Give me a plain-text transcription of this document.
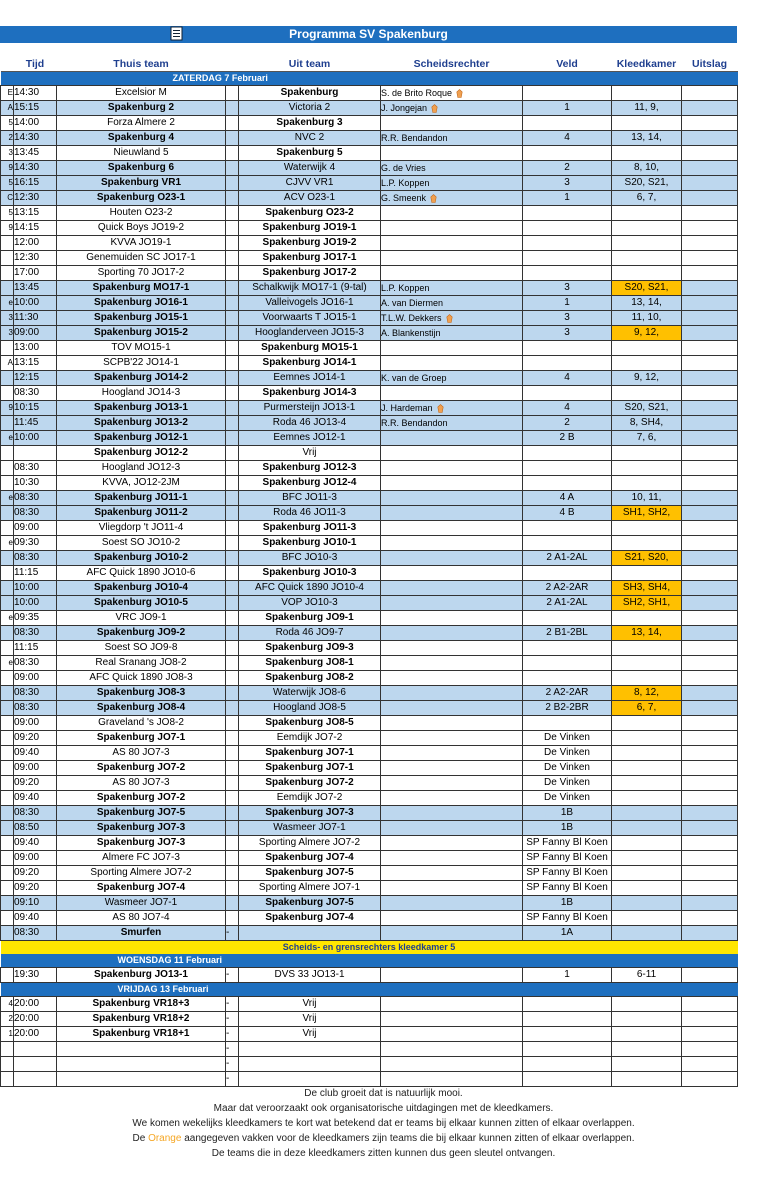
Programma SV Spakenburg
	Tijd	Thuis team		Uit team	Scheidsrechter	Veld	Kleedkamer	Uitslag
ZATERDAG 7 Februari								
E	14:30	Excelsior M		Spakenburg	S. de Brito Roque			
A	15:15	Spakenburg 2		Victoria 2	J. Jongejan	1	11, 9,	
5	14:00	Forza Almere 2		Spakenburg 3				
2	14:30	Spakenburg 4		NVC 2	R.R. Bendandon	4	13, 14,	
3	13:45	Nieuwland 5		Spakenburg 5				
9	14:30	Spakenburg 6		Waterwijk 4	G. de Vries	2	8, 10,	
5	16:15	Spakenburg VR1		CJVV VR1	L.P. Koppen	3	S20, S21,	
C	12:30	Spakenburg O23-1		ACV O23-1	G. Smeenk	1	6, 7,	
5	13:15	Houten O23-2		Spakenburg O23-2				
9	14:15	Quick Boys JO19-2		Spakenburg JO19-1				
	12:00	KVVA JO19-1		Spakenburg JO19-2				
	12:30	Genemuiden SC JO17-1		Spakenburg JO17-1				
	17:00	Sporting 70 JO17-2		Spakenburg JO17-2				
	13:45	Spakenburg MO17-1		Schalkwijk MO17-1 (9-tal)	L.P. Koppen	3	S20, S21,	
e	10:00	Spakenburg JO16-1		Valleivogels JO16-1	A. van Diermen	1	13, 14,	
3	11:30	Spakenburg JO15-1		Voorwaarts T JO15-1	T.L.W. Dekkers	3	11, 10,	
3	09:00	Spakenburg JO15-2		Hooglanderveen JO15-3	A. Blankenstijn	3	9, 12,	
	13:00	TOV MO15-1		Spakenburg MO15-1				
A	13:15	SCPB'22 JO14-1		Spakenburg JO14-1				
	12:15	Spakenburg JO14-2		Eemnes JO14-1	K. van de Groep	4	9, 12,	
	08:30	Hoogland JO14-3		Spakenburg JO14-3				
9	10:15	Spakenburg JO13-1		Purmersteijn JO13-1	J. Hardeman	4	S20, S21,	
	11:45	Spakenburg JO13-2		Roda 46 JO13-4	R.R. Bendandon	2	8, SH4,	
e	10:00	Spakenburg JO12-1		Eemnes JO12-1		2 B	7, 6,	
		Spakenburg JO12-2		Vrij				
	08:30	Hoogland JO12-3		Spakenburg JO12-3				
	10:30	KVVA, JO12-2JM		Spakenburg JO12-4				
e	08:30	Spakenburg JO11-1		BFC JO11-3		4 A	10, 11,	
	08:30	Spakenburg JO11-2		Roda 46 JO11-3		4 B	SH1, SH2,	
	09:00	Vliegdorp 't JO11-4		Spakenburg JO11-3				
e	09:30	Soest SO JO10-2		Spakenburg JO10-1				
	08:30	Spakenburg JO10-2		BFC JO10-3		2 A1-2AL	S21, S20,	
	11:15	AFC Quick 1890 JO10-6		Spakenburg JO10-3				
	10:00	Spakenburg JO10-4		AFC Quick 1890 JO10-4		2 A2-2AR	SH3, SH4,	
	10:00	Spakenburg JO10-5		VOP JO10-3		2 A1-2AL	SH2, SH1,	
e	09:35	VRC JO9-1		Spakenburg JO9-1				
	08:30	Spakenburg JO9-2		Roda 46 JO9-7		2 B1-2BL	13, 14,	
	11:15	Soest SO JO9-8		Spakenburg JO9-3				
e	08:30	Real Sranang JO8-2		Spakenburg JO8-1				
	09:00	AFC Quick 1890 JO8-3		Spakenburg JO8-2				
	08:30	Spakenburg JO8-3		Waterwijk JO8-6		2 A2-2AR	8, 12,	
	08:30	Spakenburg JO8-4		Hoogland JO8-5		2 B2-2BR	6, 7,	
	09:00	Graveland 's JO8-2		Spakenburg JO8-5				
	09:20	Spakenburg JO7-1		Eemdijk JO7-2		De Vinken		
	09:40	AS 80 JO7-3		Spakenburg JO7-1		De Vinken		
	09:00	Spakenburg JO7-2		Spakenburg JO7-1		De Vinken		
	09:20	AS 80 JO7-3		Spakenburg JO7-2		De Vinken		
	09:40	Spakenburg JO7-2		Eemdijk JO7-2		De Vinken		
	08:30	Spakenburg JO7-5		Spakenburg JO7-3		1B		
	08:50	Spakenburg JO7-3		Wasmeer JO7-1		1B		
	09:40	Spakenburg JO7-3		Sporting Almere JO7-2		SP Fanny Bl Koen		
	09:00	Almere FC JO7-3		Spakenburg JO7-4		SP Fanny Bl Koen		
	09:20	Sporting Almere JO7-2		Spakenburg JO7-5		SP Fanny Bl Koen		
	09:20	Spakenburg JO7-4		Sporting Almere JO7-1		SP Fanny Bl Koen		
	09:10	Wasmeer JO7-1		Spakenburg JO7-5		1B		
	09:40	AS 80 JO7-4		Spakenburg JO7-4		SP Fanny Bl Koen		
	08:30	Smurfen	-			1A		
Scheids- en grensrechters kleedkamer 5								
WOENSDAG 11 Februari								
	19:30	Spakenburg JO13-1	-	DVS 33 JO13-1		1	6-11	
VRIJDAG 13 Februari								
4	20:00	Spakenburg VR18+3	-	Vrij				
2	20:00	Spakenburg VR18+2	-	Vrij				
1	20:00	Spakenburg VR18+1	-	Vrij				
			-					
			-					
			-					
De club groeit dat is natuurlijk mooi.
Maar dat veroorzaakt ook organisatorische uitdagingen met de kleedkamers.
We komen wekelijks kleedkamers te kort wat betekend dat er teams bij elkaar kunnen zitten of elkaar overlappen.
De Orange aangegeven vakken voor de kleedkamers zijn teams die bij elkaar kunnen zitten of elkaar overlappen.
De teams die in deze kleedkamers zitten kunnen dus geen sleutel ontvangen.
